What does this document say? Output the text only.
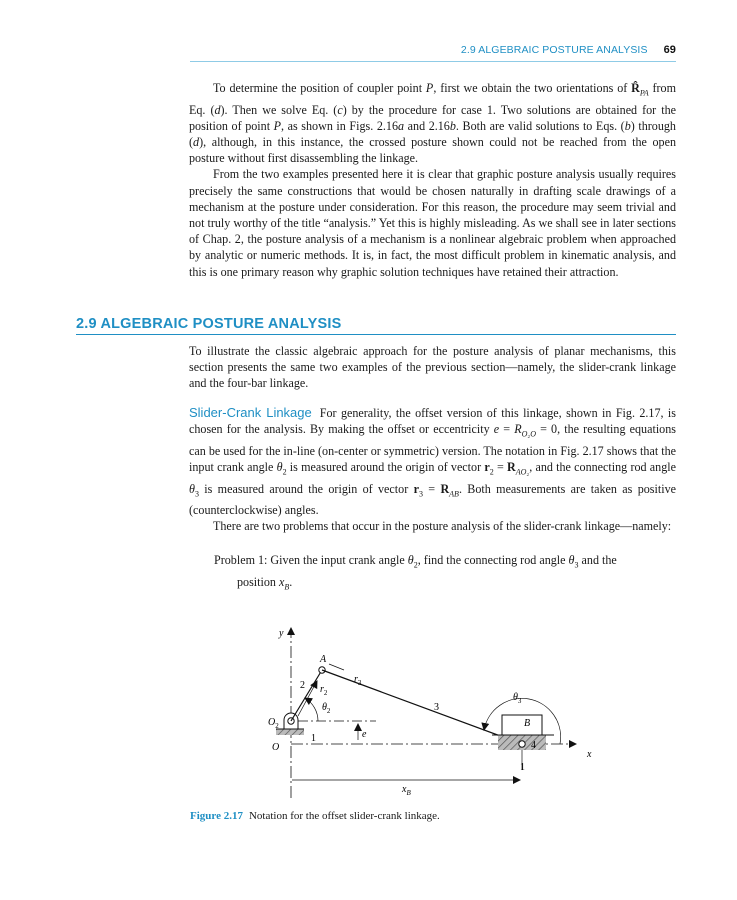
2.9 ALGEBRAIC POSTURE ANALYSIS 69

To determine the position of coupler point P, first we obtain the two orientations of $R̂_{PA}$ from Eq. (d). Then we solve Eq. (c) by the procedure for case 1. Two solutions are obtained for the position of point P, as shown in Figs. 2.16a and 2.16b. Both are valid solutions to Eqs. (b) through (d), although, in this instance, the crossed posture shown could not be reached from the open posture without first disassembling the linkage.

From the two examples presented here it is clear that graphic posture analysis usually requires precisely the same constructions that would be chosen naturally in drafting scale drawings of a mechanism at the posture under consideration. For this reason, the procedure may seem trivial and not truly worthy of the title “analysis.” Yet this is highly misleading. As we shall see in later sections of Chap. 2, the posture analysis of a mechanism is a nonlinear algebraic problem when approached by analytic or numeric methods. It is, in fact, the most difficult problem in kinematic analysis, and this is one primary reason why graphic solution techniques have retained their attraction.

2.9 ALGEBRAIC POSTURE ANALYSIS

To illustrate the classic algebraic approach for the posture analysis of planar mechanisms, this section presents the same two examples of the previous section—namely, the slider-crank linkage and the four-bar linkage.

Slider-Crank Linkage For generality, the offset version of this linkage, shown in Fig. 2.17, is chosen for the analysis. By making the offset or eccentricity $e = R_{O_2O} = 0$, the resulting equations can be used for the in-line (on-center or symmetric) version. The notation in Fig. 2.17 shows that the input crank angle $\theta_2$ is measured around the origin of vector $r_2 = R_{AO_2}$, and the connecting rod angle $\theta_3$ is measured around the origin of vector $r_3 = R_{AB}$. Both measurements are taken as positive (counterclockwise) angles.

There are two problems that occur in the posture analysis of the slider-crank linkage—namely:

Problem 1: Given the input crank angle $\theta_2$, find the connecting rod angle $\theta_3$ and the
position $x_B$.
y
x
$O_2$
O
1
A
2 $r_2$
$\theta_2$	3
$r_3$
e
B
4
1
$\theta_3$
$x_B$
Figure 2.17 Notation for the offset slider-crank linkage.
